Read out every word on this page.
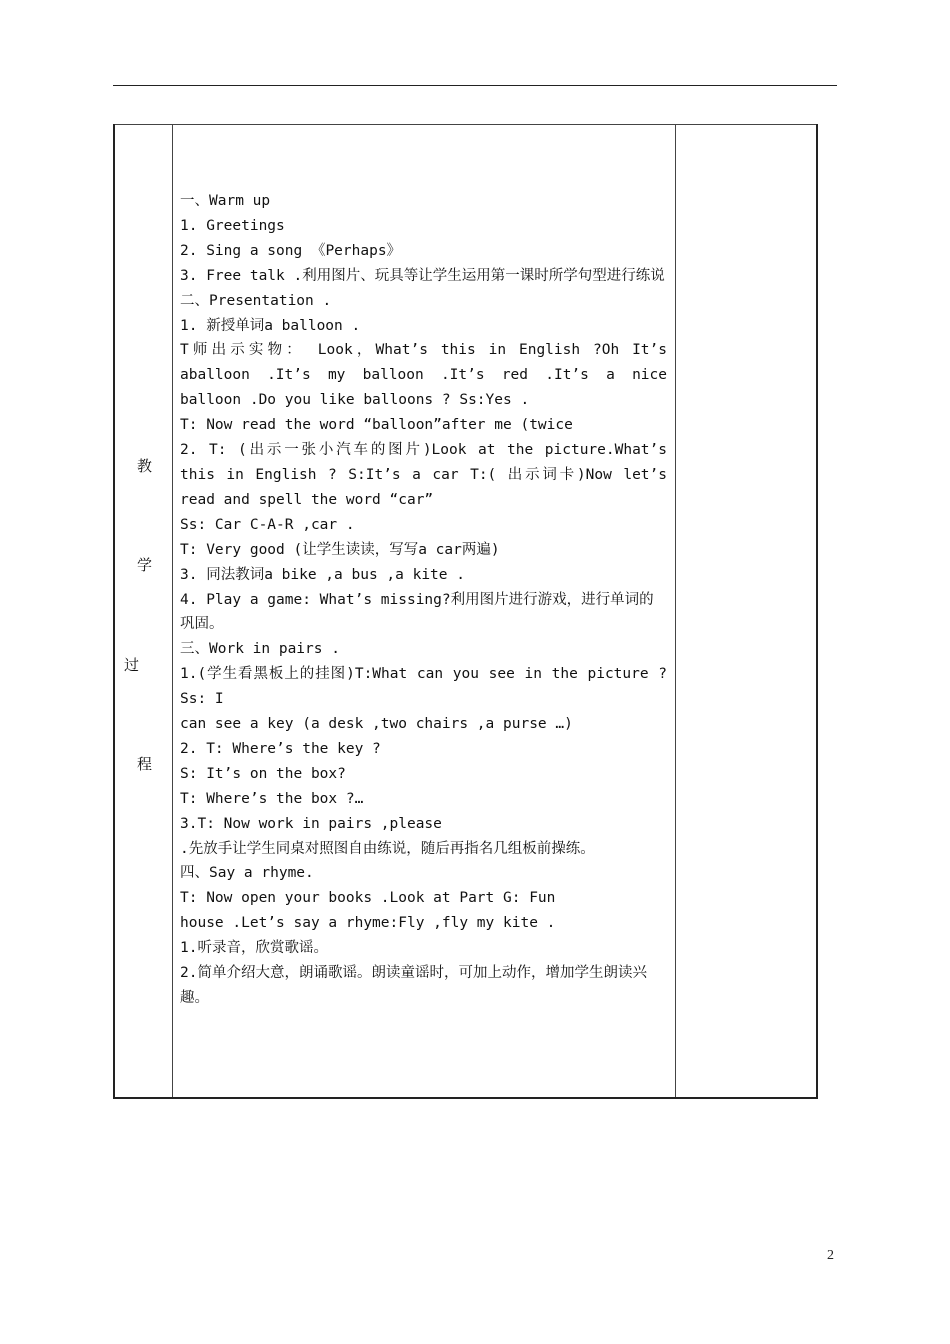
教
学
过
程

一、Warm up
1. Greetings
2. Sing a song 《Perhaps》
3. Free talk .利用图片、玩具等让学生运用第一课时所学句型进行练说
二、Presentation .
1. 新授单词a balloon .
T师出示实物： Look，What’s this in English ?Oh It’s
aballoon .It’s my balloon .It’s red .It’s a nice
balloon .Do you like balloons ? Ss:Yes .
T: Now read the word “balloon”after me (twice
2. T: (出示一张小汽车的图片)Look at the picture.What’s
this in English ? S:It’s a car T:( 出示词卡)Now let’s
read and spell the word “car”
Ss: Car C-A-R ,car .
T: Very good (让学生读读，写写a car两遍)
3. 同法教词a bike ,a bus ,a kite .
4. Play a game: What’s missing?利用图片进行游戏，进行单词的巩固。
三、Work in pairs .
1.(学生看黑板上的挂图)T:What can you see in the picture ?
Ss: I
can see a key (a desk ,two chairs ,a purse …)
2. T: Where’s the key ?
S: It’s on the box?
T: Where’s the box ?…
3.T: Now work in pairs ,please
.先放手让学生同桌对照图自由练说，随后再指名几组板前操练。
四、Say a rhyme.
T: Now open your books .Look at Part G: Fun
house .Let’s say a rhyme:Fly ,fly my kite .
1.听录音，欣赏歌谣。
2.简单介绍大意，朗诵歌谣。朗读童谣时，可加上动作，增加学生朗读兴趣。

2
